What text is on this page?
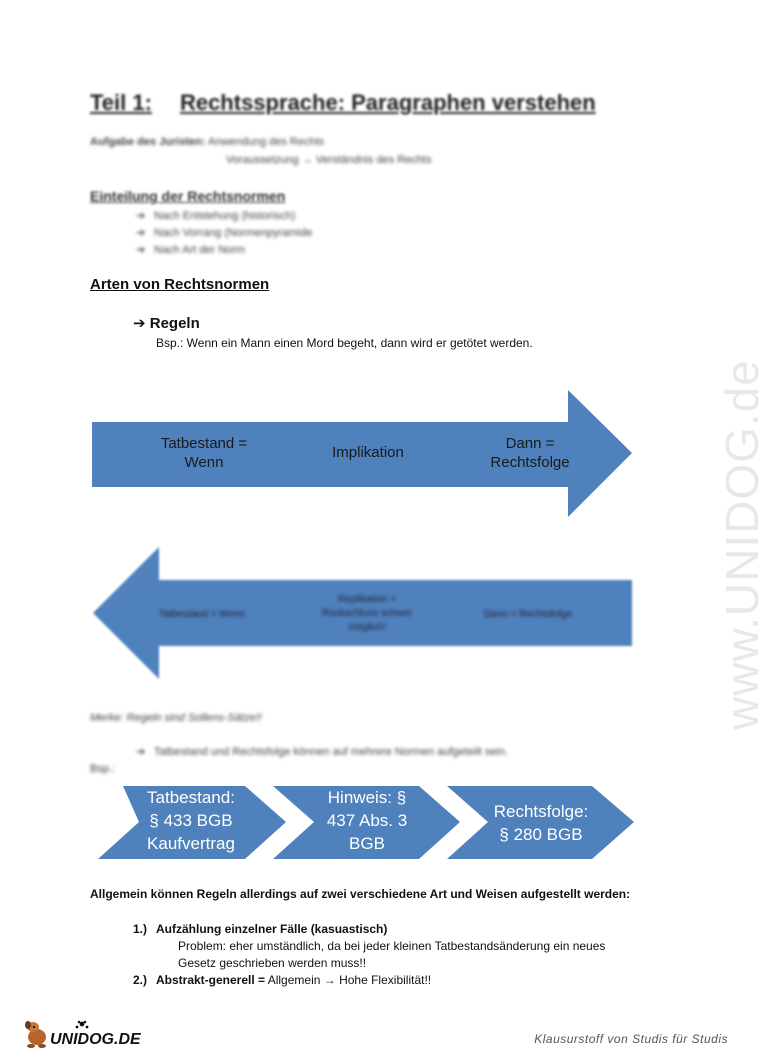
Teil 1: Rechtssprache: Paragraphen verstehen
Aufgabe des Juristen: Anwendung des Rechts
Voraussetzung → Verständnis des Rechts
Einteilung der Rechtsnormen
➔ Nach Entstehung (historisch)
➔ Nach Vorrang (Normenpyramide
➔ Nach Art der Norm
Arten von Rechtsnormen
➔ Regeln
Bsp.: Wenn ein Mann einen Mord begeht, dann wird er getötet werden.
Tatbestand =
Wenn
Implikation
Dann =
Rechtsfolge
Tatbestand = Wenn
Replikation =
Rückschluss schwer
möglich!
Dann = Rechtsfolge	www.UNIDOG.de
Merke: Regeln sind Sollens-Sätze!!
➔ Tatbestand und Rechtsfolge können auf mehrere Normen aufgeteilt sein.
Bsp.:
Tatbestand:
§ 433 BGB
Kaufvertrag
Hinweis: §
437 Abs. 3
BGB
Rechtsfolge:
§ 280 BGB
Allgemein können Regeln allerdings auf zwei verschiedene Art und Weisen aufgestellt werden:
1.) Aufzählung einzelner Fälle (kasuastisch)
Problem: eher umständlich, da bei jeder kleinen Tatbestandsänderung ein neues
Gesetz geschrieben werden muss!!
2.) Abstrakt-generell = Allgemein → Hohe Flexibilität!!
UNIDOG.DE	Klausurstoff von Studis für Studis
